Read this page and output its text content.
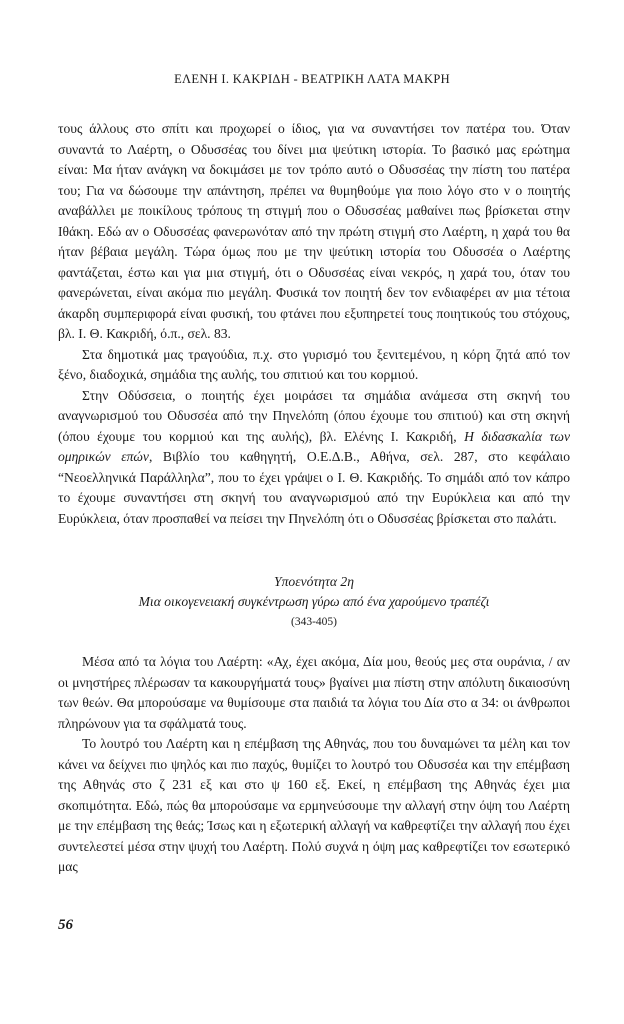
ΕΛΕΝΗ Ι. ΚΑΚΡΙΔΗ - ΒΕΑΤΡΙΚΗ ΛΑΤΑ ΜΑΚΡΗ

τους άλλους στο σπίτι και προχωρεί ο ίδιος, για να συναντήσει τον πατέρα του. Όταν συναντά το Λαέρτη, ο Οδυσσέας του δίνει μια ψεύτικη ιστορία. Το βασικό μας ερώτημα είναι: Μα ήταν ανάγκη να δοκιμάσει με τον τρόπο αυτό ο Οδυσσέας την πίστη του πατέρα του; Για να δώσουμε την απάντηση, πρέπει να θυμηθούμε για ποιο λόγο στο ν ο ποιητής αναβάλλει με ποικίλους τρόπους τη στιγμή που ο Οδυσσέας μαθαίνει πως βρίσκεται στην Ιθάκη. Εδώ αν ο Οδυσσέας φανερωνόταν από την πρώτη στιγμή στο Λαέρτη, η χαρά του θα ήταν βέβαια μεγάλη. Τώρα όμως που με την ψεύτικη ιστορία του Οδυσσέα ο Λαέρτης φαντάζεται, έστω και για μια στιγμή, ότι ο Οδυσσέας είναι νεκρός, η χαρά του, όταν του φανερώνεται, είναι ακόμα πιο μεγάλη. Φυσικά τον ποιητή δεν τον ενδιαφέρει αν μια τέτοια άκαρδη συμπεριφορά είναι φυσική, του φτάνει που εξυπηρετεί τους ποιητικούς του στόχους, βλ. Ι. Θ. Κακριδή, ό.π., σελ. 83.

Στα δημοτικά μας τραγούδια, π.χ. στο γυρισμό του ξενιτεμένου, η κόρη ζητά από τον ξένο, διαδοχικά, σημάδια της αυλής, του σπιτιού και του κορμιού.

Στην Οδύσσεια, ο ποιητής έχει μοιράσει τα σημάδια ανάμεσα στη σκηνή του αναγνωρισμού του Οδυσσέα από την Πηνελόπη (όπου έχουμε του σπιτιού) και στη σκηνή (όπου έχουμε του κορμιού και της αυλής), βλ. Ελένης Ι. Κακριδή, Η διδασκαλία των ομηρικών επών, Βιβλίο του καθηγητή, Ο.Ε.Δ.Β., Αθήνα, σελ. 287, στο κεφάλαιο “Νεοελληνικά Παράλληλα”, που το έχει γράψει ο Ι. Θ. Κακριδής. Το σημάδι από τον κάπρο το έχουμε συναντήσει στη σκηνή του αναγνωρισμού από την Ευρύκλεια και από την Ευρύκλεια, όταν προσπαθεί να πείσει την Πηνελόπη ότι ο Οδυσσέας βρίσκεται στο παλάτι.

Υποενότητα 2η
Μια οικογενειακή συγκέντρωση γύρω από ένα χαρούμενο τραπέζι
(343-405)

Μέσα από τα λόγια του Λαέρτη: «Αχ, έχει ακόμα, Δία μου, θεούς μες στα ουράνια, / αν οι μνηστήρες πλέρωσαν τα κακουργήματά τους» βγαίνει μια πίστη στην απόλυτη δικαιοσύνη των θεών. Θα μπορούσαμε να θυμίσουμε στα παιδιά τα λόγια του Δία στο α 34: οι άνθρωποι πληρώνουν για τα σφάλματά τους.

Το λουτρό του Λαέρτη και η επέμβαση της Αθηνάς, που του δυναμώνει τα μέλη και τον κάνει να δείχνει πιο ψηλός και πιο παχύς, θυμίζει το λουτρό του Οδυσσέα και την επέμβαση της Αθηνάς στο ζ 231 εξ και στο ψ 160 εξ. Εκεί, η επέμβαση της Αθηνάς έχει μια σκοπιμότητα. Εδώ, πώς θα μπορούσαμε να ερμηνεύσουμε την αλλαγή στην όψη του Λαέρτη με την επέμβαση της θεάς; Ίσως και η εξωτερική αλλαγή να καθρεφτίζει την αλλαγή που έχει συντελεστεί μέσα στην ψυχή του Λαέρτη. Πολύ συχνά η όψη μας καθρεφτίζει τον εσωτερικό μας

56
